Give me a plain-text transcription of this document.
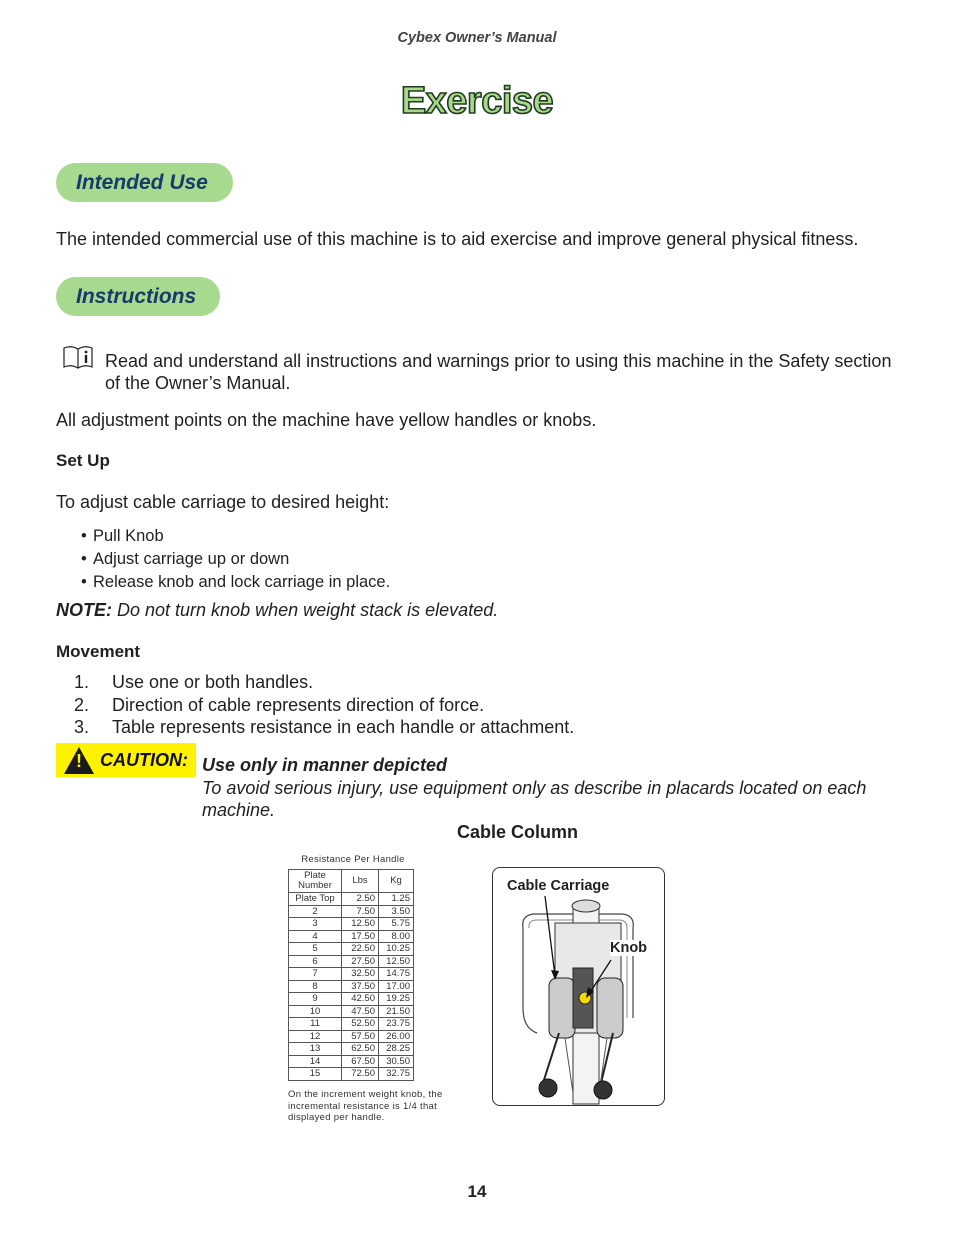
Cybex Owner’s Manual
Exercise
Intended Use
The intended commercial use of this machine is to aid exercise and improve general physical fitness.
Instructions
Read and understand all instructions and warnings prior to using this machine in the Safety section of the Owner’s Manual.
All adjustment points on the machine have yellow handles or knobs.
Set Up
To adjust cable carriage to desired height:
• Pull Knob
• Adjust carriage up or down
• Release knob and lock carriage in place.
NOTE: Do not turn knob when weight stack is elevated.
Movement
1.	Use one or both handles.
2.	Direction of cable represents direction of force.
3.	Table represents resistance in each handle or attachment.
! CAUTION: Use only in manner depicted
To avoid serious injury, use equipment only as describe in placards located on each machine.
Cable Column
Resistance Per Handle
Plate Number	Lbs	Kg
Plate Top	2.50	1.25
2	7.50	3.50
3	12.50	5.75
4	17.50	8.00
5	22.50	10.25
6	27.50	12.50
7	32.50	14.75
8	37.50	17.00
9	42.50	19.25
10	47.50	21.50
11	52.50	23.75
12	57.50	26.00
13	62.50	28.25
14	67.50	30.50
15	72.50	32.75
On the increment weight knob, the incremental resistance is 1/4 that displayed per handle.
Cable Carriage
Knob
14
